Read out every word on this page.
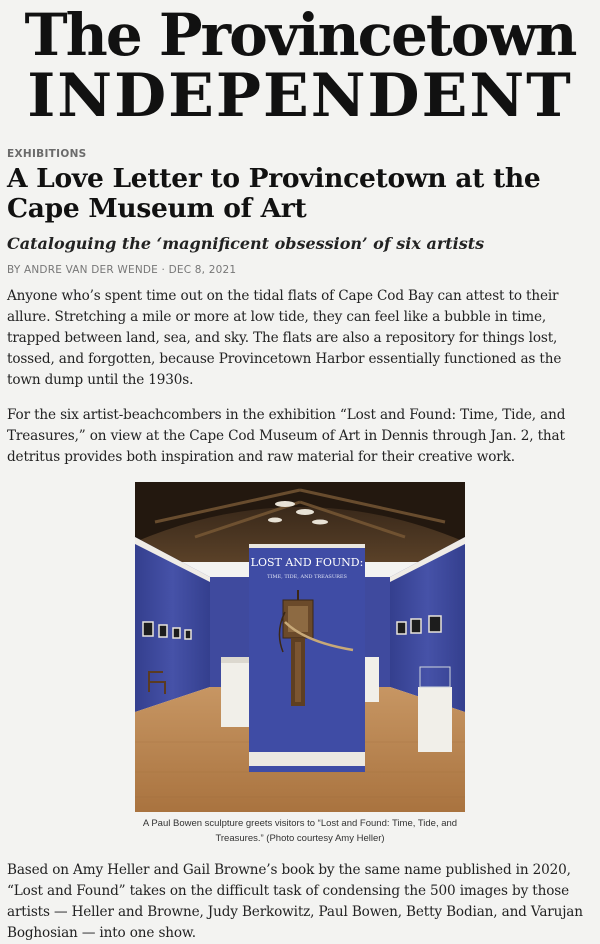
The Provincetown
INDEPENDENT
EXHIBITIONS
A Love Letter to Provincetown at the Cape Museum of Art
Cataloguing the ‘magnificent obsession’ of six artists
BY ANDRE VAN DER WENDE · DEC 8, 2021

Anyone who’s spent time out on the tidal flats of Cape Cod Bay can attest to their allure. Stretching a mile or more at low tide, they can feel like a bubble in time, trapped between land, sea, and sky. The flats are also a repository for things lost, tossed, and forgotten, because Provincetown Harbor essentially functioned as the town dump until the 1930s.

For the six artist-beachcombers in the exhibition “Lost and Found: Time, Tide, and Treasures,” on view at the Cape Cod Museum of Art in Dennis through Jan. 2, that detritus provides both inspiration and raw material for their creative work.

LOST AND FOUND:
TIME, TIDE, AND TREASURES
A Paul Bowen sculpture greets visitors to “Lost and Found: Time, Tide, and Treasures.” (Photo courtesy Amy Heller)

Based on Amy Heller and Gail Browne’s book by the same name published in 2020, “Lost and Found” takes on the difficult task of condensing the 500 images by those artists — Heller and Browne, Judy Berkowitz, Paul Bowen, Betty Bodian, and Varujan Boghosian — into one show.
